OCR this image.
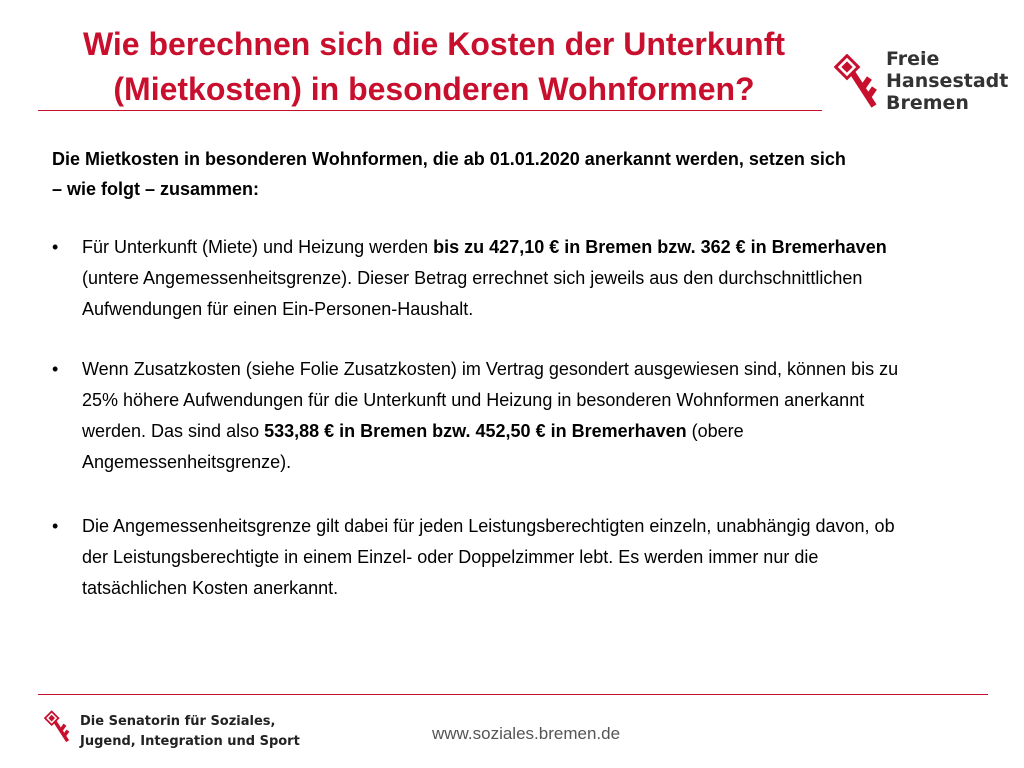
Wie berechnen sich die Kosten der Unterkunft
(Mietkosten) in besonderen Wohnformen?
Freie
Hansestadt
Bremen
Die Mietkosten in besonderen Wohnformen, die ab 01.01.2020 anerkannt werden, setzen sich – wie folgt – zusammen:
• Für Unterkunft (Miete) und Heizung werden bis zu 427,10 € in Bremen bzw. 362 € in Bremerhaven (untere Angemessenheitsgrenze). Dieser Betrag errechnet sich jeweils aus den durchschnittlichen Aufwendungen für einen Ein-Personen-Haushalt.
• Wenn Zusatzkosten (siehe Folie Zusatzkosten) im Vertrag gesondert ausgewiesen sind, können bis zu 25% höhere Aufwendungen für die Unterkunft und Heizung in besonderen Wohnformen anerkannt werden. Das sind also 533,88 € in Bremen bzw. 452,50 € in Bremerhaven (obere Angemessenheitsgrenze).
• Die Angemessenheitsgrenze gilt dabei für jeden Leistungsberechtigten einzeln, unabhängig davon, ob der Leistungsberechtigte in einem Einzel- oder Doppelzimmer lebt. Es werden immer nur die tatsächlichen Kosten anerkannt.
Die Senatorin für Soziales,
Jugend, Integration und Sport	www.soziales.bremen.de
